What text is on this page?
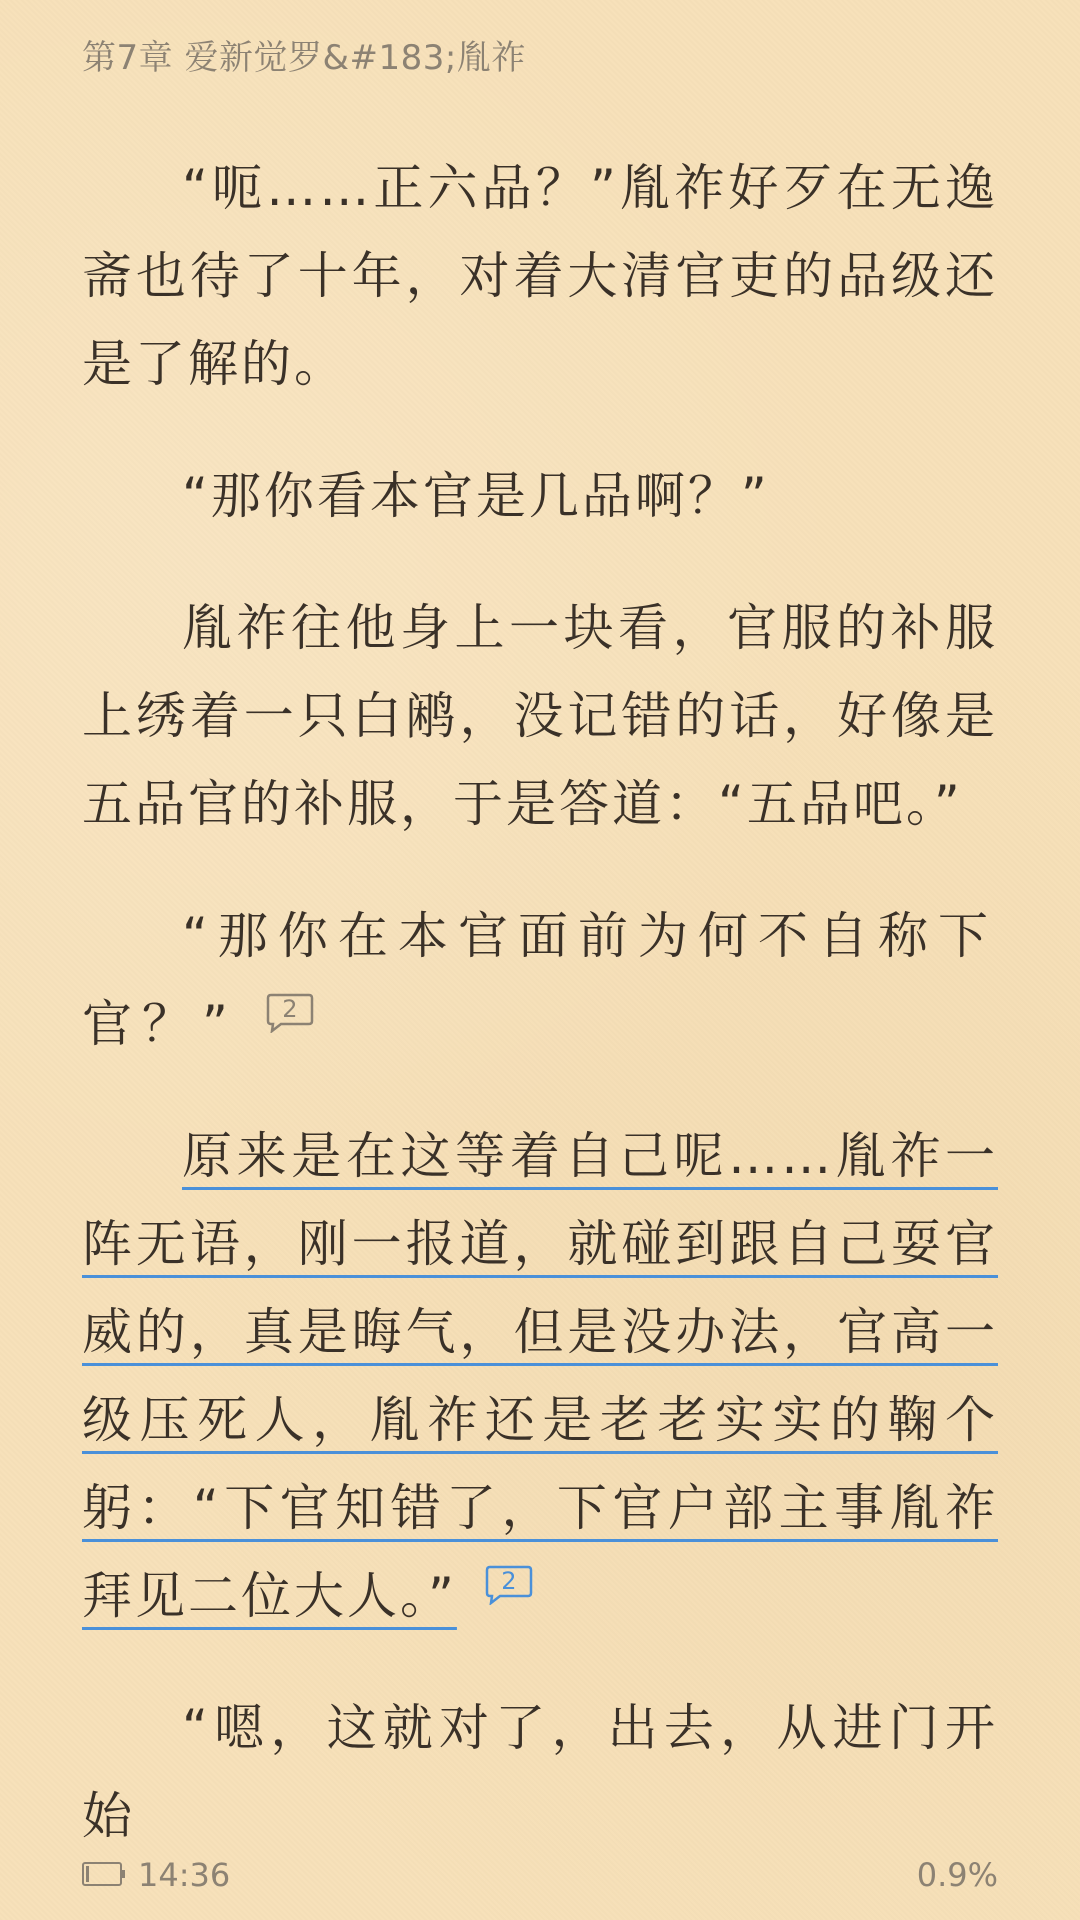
第7章 爱新觉罗&#183;胤祚

“呃……正六品？”胤祚好歹在无逸斋也待了十年，对着大清官吏的品级还是了解的。

“那你看本官是几品啊？”

胤祚往他身上一块看，官服的补服上绣着一只白鹇，没记错的话，好像是五品官的补服，于是答道：“五品吧。”

“那你在本官面前为何不自称下官？”	2

原来是在这等着自己呢……胤祚一阵无语，刚一报道，就碰到跟自己耍官威的，真是晦气，但是没办法，官高一级压死人，胤祚还是老老实实的鞠个躬：“下官知错了，下官户部主事胤祚拜见二位大人。”	2

“嗯，这就对了，出去，从进门开始

14:36	0.9%
